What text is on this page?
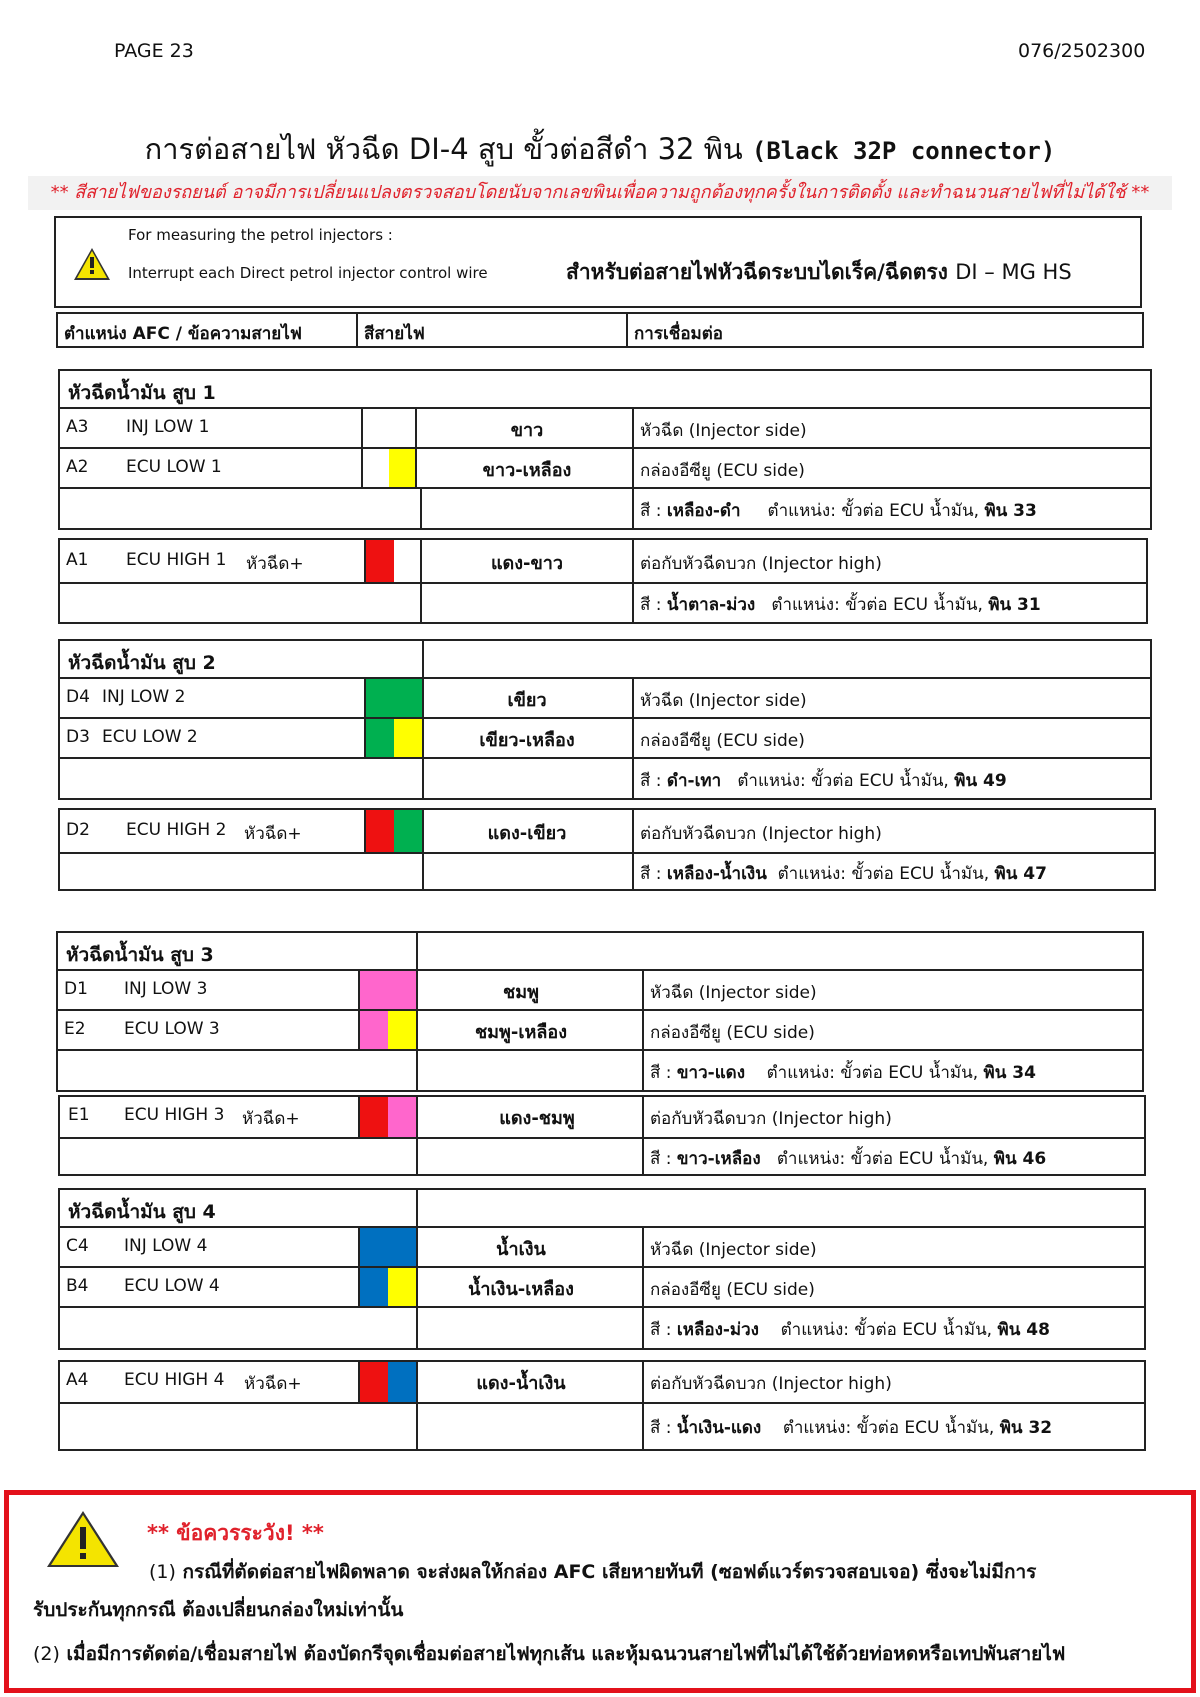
PAGE 23	076/2502300
การต่อสายไฟ หัวฉีด DI-4 สูบ ขั้วต่อสีดำ 32 พิน (Black 32P connector)
** สีสายไฟของรถยนต์ อาจมีการเปลี่ยนแปลงตรวจสอบโดยนับจากเลขพินเพื่อความถูกต้องทุกครั้งในการติดตั้ง และทำฉนวนสายไฟที่ไม่ได้ใช้ **
For measuring the petrol injectors :
Interrupt each Direct petrol injector control wire	สำหรับต่อสายไฟหัวฉีดระบบไดเร็ค/ฉีดตรง DI – MG HS
ตำแหน่ง AFC / ข้อความสายไฟ	สีสายไฟ	การเชื่อมต่อ
หัวฉีดน้ำมัน สูบ 1
A3 INJ LOW 1	ขาว	หัวฉีด (Injector side)
A2 ECU LOW 1	ขาว-เหลือง	กล่องอีซียู (ECU side)
สี : เหลือง-ดำ ตำแหน่ง: ขั้วต่อ ECU น้ำมัน, พิน 33
A1 ECU HIGH 1 หัวฉีด+	แดง-ขาว	ต่อกับหัวฉีดบวก (Injector high)
สี : น้ำตาล-ม่วง ตำแหน่ง: ขั้วต่อ ECU น้ำมัน, พิน 31
หัวฉีดน้ำมัน สูบ 2
D4 INJ LOW 2	เขียว	หัวฉีด (Injector side)
D3 ECU LOW 2	เขียว-เหลือง	กล่องอีซียู (ECU side)
สี : ดำ-เทา ตำแหน่ง: ขั้วต่อ ECU น้ำมัน, พิน 49
D2 ECU HIGH 2 หัวฉีด+	แดง-เขียว	ต่อกับหัวฉีดบวก (Injector high)
สี : เหลือง-น้ำเงิน ตำแหน่ง: ขั้วต่อ ECU น้ำมัน, พิน 47
หัวฉีดน้ำมัน สูบ 3
D1 INJ LOW 3	ชมพู	หัวฉีด (Injector side)
E2 ECU LOW 3	ชมพู-เหลือง	กล่องอีซียู (ECU side)
สี : ขาว-แดง ตำแหน่ง: ขั้วต่อ ECU น้ำมัน, พิน 34
E1 ECU HIGH 3 หัวฉีด+	แดง-ชมพู	ต่อกับหัวฉีดบวก (Injector high)
สี : ขาว-เหลือง ตำแหน่ง: ขั้วต่อ ECU น้ำมัน, พิน 46
หัวฉีดน้ำมัน สูบ 4
C4 INJ LOW 4	น้ำเงิน	หัวฉีด (Injector side)
B4 ECU LOW 4	น้ำเงิน-เหลือง	กล่องอีซียู (ECU side)
สี : เหลือง-ม่วง ตำแหน่ง: ขั้วต่อ ECU น้ำมัน, พิน 48
A4 ECU HIGH 4 หัวฉีด+	แดง-น้ำเงิน	ต่อกับหัวฉีดบวก (Injector high)
สี : น้ำเงิน-แดง ตำแหน่ง: ขั้วต่อ ECU น้ำมัน, พิน 32
** ข้อควรระวัง! **
(1) กรณีที่ตัดต่อสายไฟผิดพลาด จะส่งผลให้กล่อง AFC เสียหายทันที (ซอฟต์แวร์ตรวจสอบเจอ) ซึ่งจะไม่มีการ
รับประกันทุกกรณี ต้องเปลี่ยนกล่องใหม่เท่านั้น
(2) เมื่อมีการตัดต่อ/เชื่อมสายไฟ ต้องบัดกรีจุดเชื่อมต่อสายไฟทุกเส้น และหุ้มฉนวนสายไฟที่ไม่ได้ใช้ด้วยท่อหดหรือเทปพันสายไฟ
